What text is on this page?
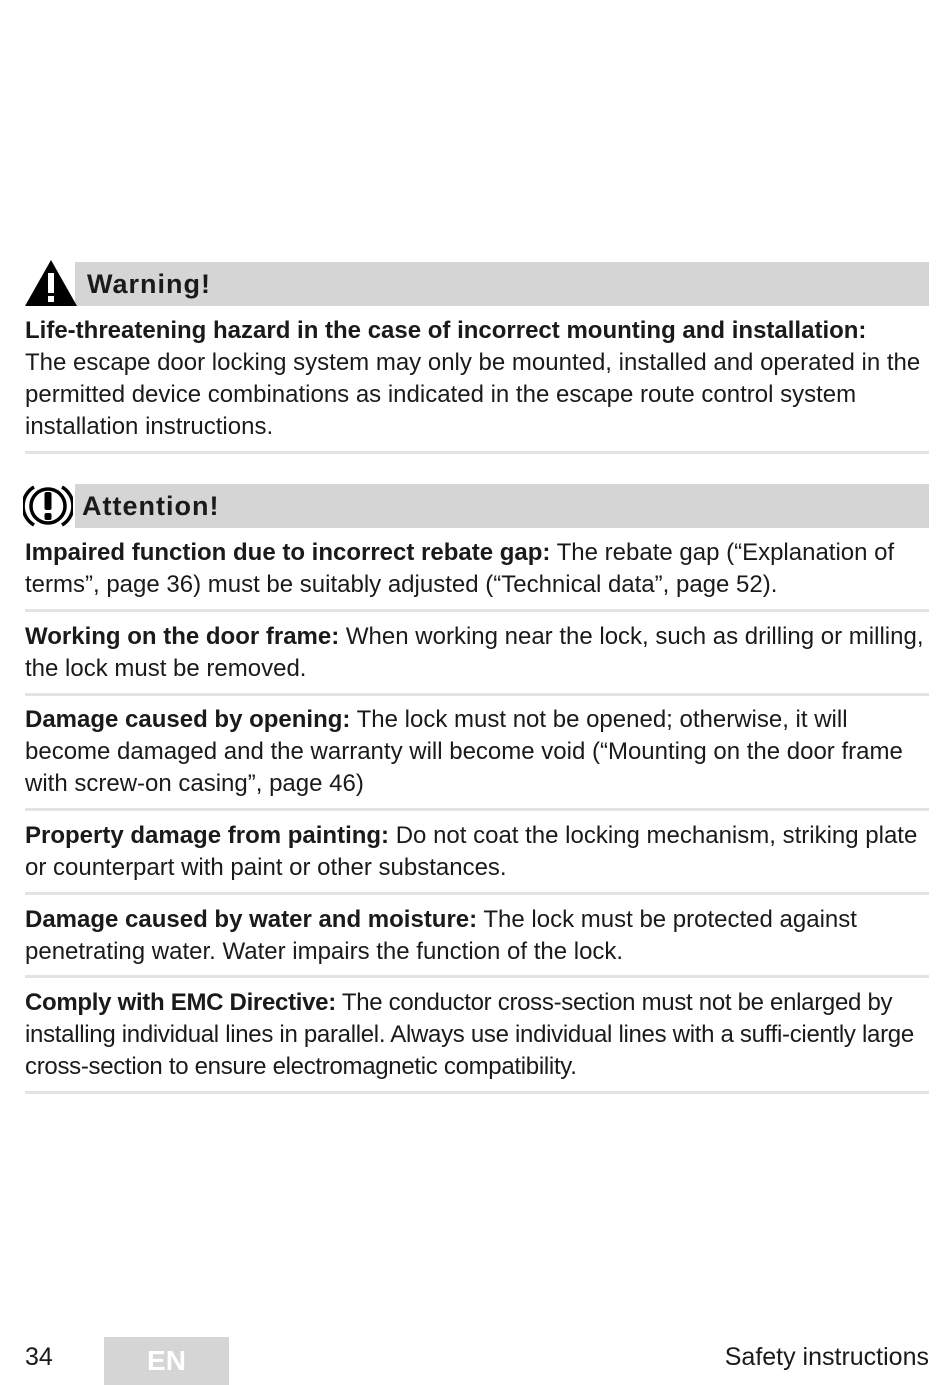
Warning!
Life-threatening hazard in the case of incorrect mounting and installation:
The escape door locking system may only be mounted, installed and operated in the permitted device combinations as indicated in the escape route control system installation instructions.
Attention!
Impaired function due to incorrect rebate gap: The rebate gap (“Explanation of terms”, page 36) must be suitably adjusted (“Technical data”, page 52).
Working on the door frame: When working near the lock, such as drilling or milling, the lock must be removed.
Damage caused by opening: The lock must not be opened; otherwise, it will become damaged and the warranty will become void (“Mounting on the door frame with screw-on casing”, page 46)
Property damage from painting: Do not coat the locking mechanism, striking plate or counterpart with paint or other substances.
Damage caused by water and moisture: The lock must be protected against penetrating water. Water impairs the function of the lock.
Comply with EMC Directive: The conductor cross-section must not be enlarged by installing individual lines in parallel. Always use individual lines with a suffi-ciently large cross-section to ensure electromagnetic compatibility.
34	EN	Safety instructions
